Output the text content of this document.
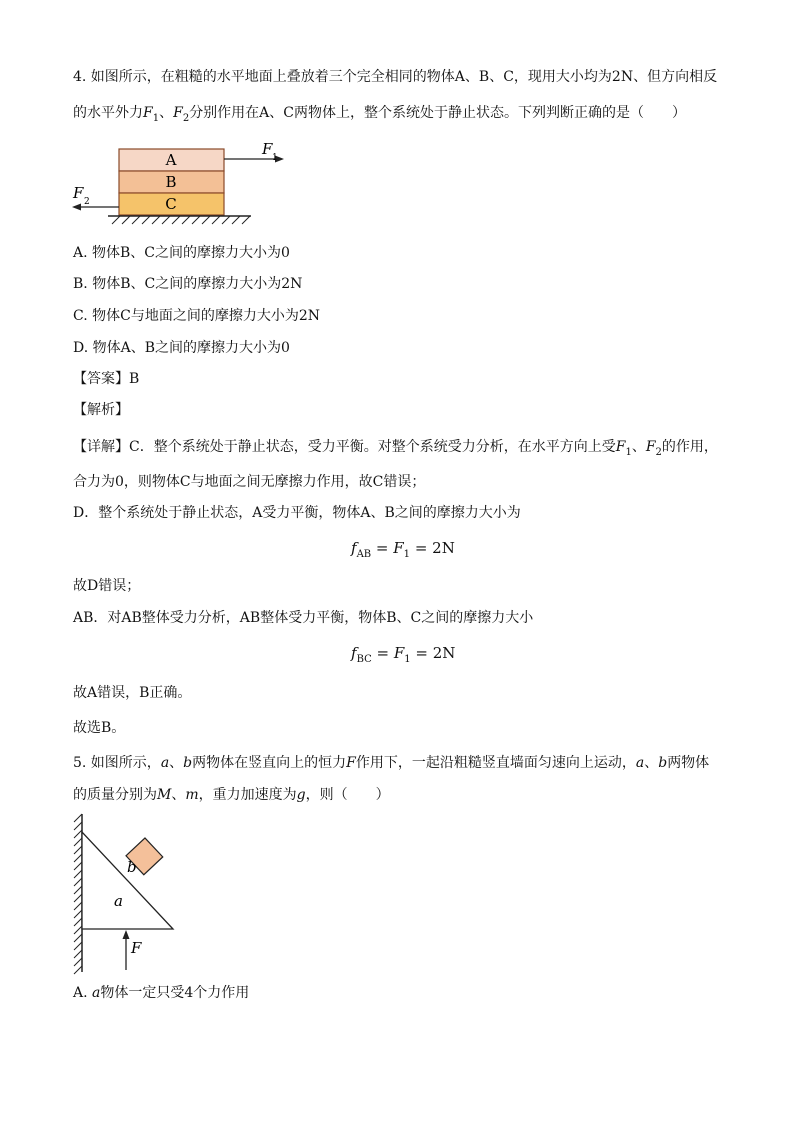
4. 如图所示，在粗糙的水平地面上叠放着三个完全相同的物体A、B、C，现用大小均为2N、但方向相反
的水平外力$F_1$、$F_2$分别作用在A、C两物体上，整个系统处于静止状态。下列判断正确的是（　　）
A
B
C
F 1
F 2
A. 物体B、C之间的摩擦力大小为0
B. 物体B、C之间的摩擦力大小为2N
C. 物体C与地面之间的摩擦力大小为2N
D. 物体A、B之间的摩擦力大小为0
【答案】B
【解析】
【详解】C．整个系统处于静止状态，受力平衡。对整个系统受力分析，在水平方向上受$F_1$、$F_2$的作用，
合力为0，则物体C与地面之间无摩擦力作用，故C错误；
D．整个系统处于静止状态，A受力平衡，物体A、B之间的摩擦力大小为
$f_{AB} = F_1 = 2N$
故D错误；
AB．对AB整体受力分析，AB整体受力平衡，物体B、C之间的摩擦力大小
$f_{BC} = F_1 = 2N$
故A错误，B正确。
故选B。
5. 如图所示，a、b两物体在竖直向上的恒力F作用下，一起沿粗糙竖直墙面匀速向上运动，a、b两物体
的质量分别为M、m，重力加速度为g，则（　　）
a
b
F
A. a物体一定只受4个力作用
